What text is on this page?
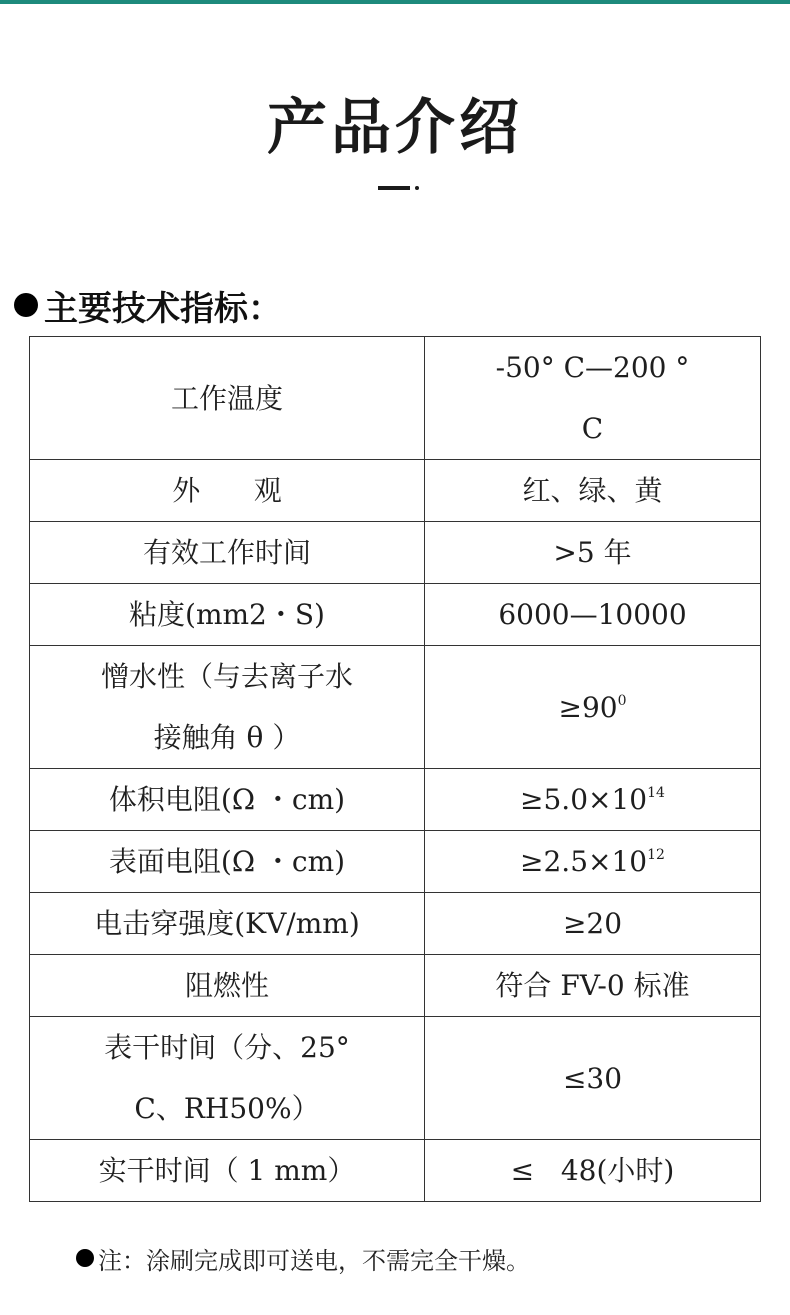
产品介绍
主要技术指标：
工作温度	-50° C—200 °
C
外      观	红、绿、黄
有效工作时间	>5 年
粘度(mm2・S)	6000—10000
憎水性（与去离子水
接触角 θ ）	$\ge 90^0$
体积电阻(Ω ・cm)	$\ge 5.0\times 10^{14}$
表面电阻(Ω ・cm)	$\ge 2.5\times 10^{12}$
电击穿强度(KV/mm)	≥20
阻燃性	符合 FV-0 标准
表干时间（分、25°
C、RH50%）	≤30
实干时间（ 1 mm）	≤   48(小时)
注：涂刷完成即可送电，不需完全干燥。
